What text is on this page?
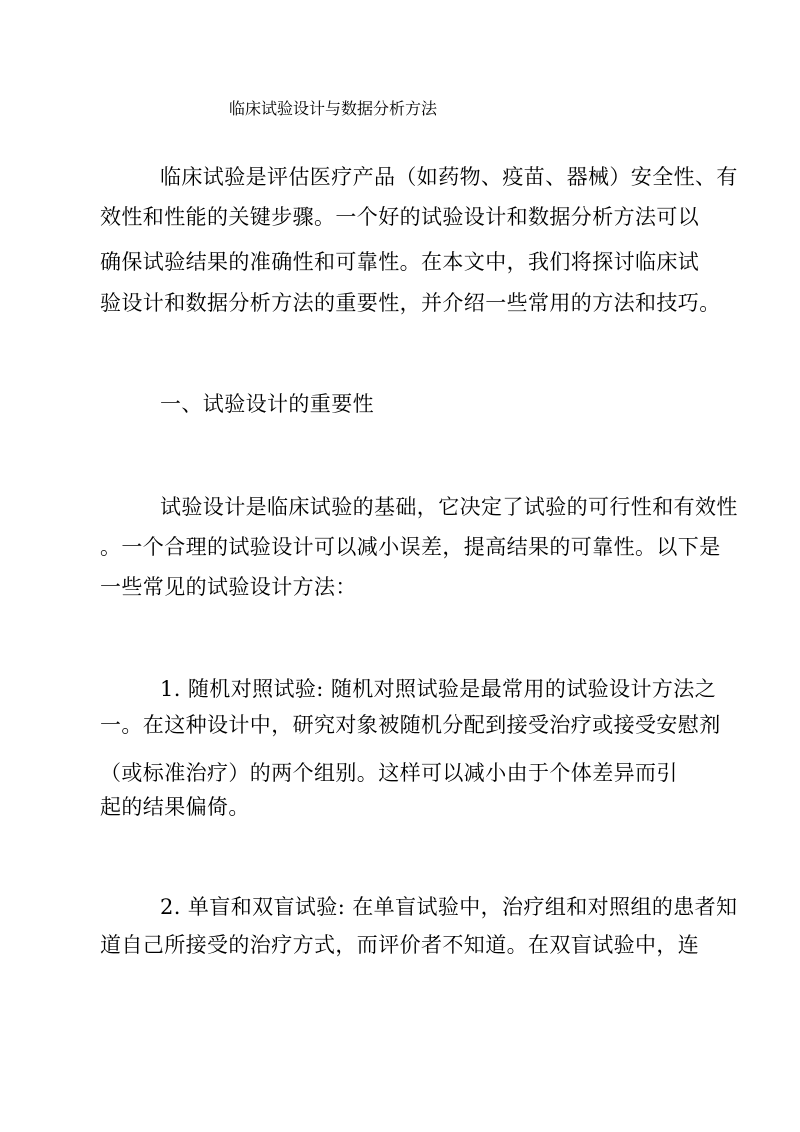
临床试验设计与数据分析方法
临床试验是评估医疗产品（如药物、疫苗、器械）安全性、有
效性和性能的关键步骤。一个好的试验设计和数据分析方法可以
确保试验结果的准确性和可靠性。在本文中，我们将探讨临床试
验设计和数据分析方法的重要性，并介绍一些常用的方法和技巧。
一、试验设计的重要性
试验设计是临床试验的基础，它决定了试验的可行性和有效性
。一个合理的试验设计可以减小误差，提高结果的可靠性。以下是
一些常见的试验设计方法：
1. 随机对照试验: 随机对照试验是最常用的试验设计方法之
一。在这种设计中，研究对象被随机分配到接受治疗或接受安慰剂
（或标准治疗）的两个组别。这样可以减小由于个体差异而引
起的结果偏倚。
2. 单盲和双盲试验: 在单盲试验中，治疗组和对照组的患者知
道自己所接受的治疗方式，而评价者不知道。在双盲试验中，连
